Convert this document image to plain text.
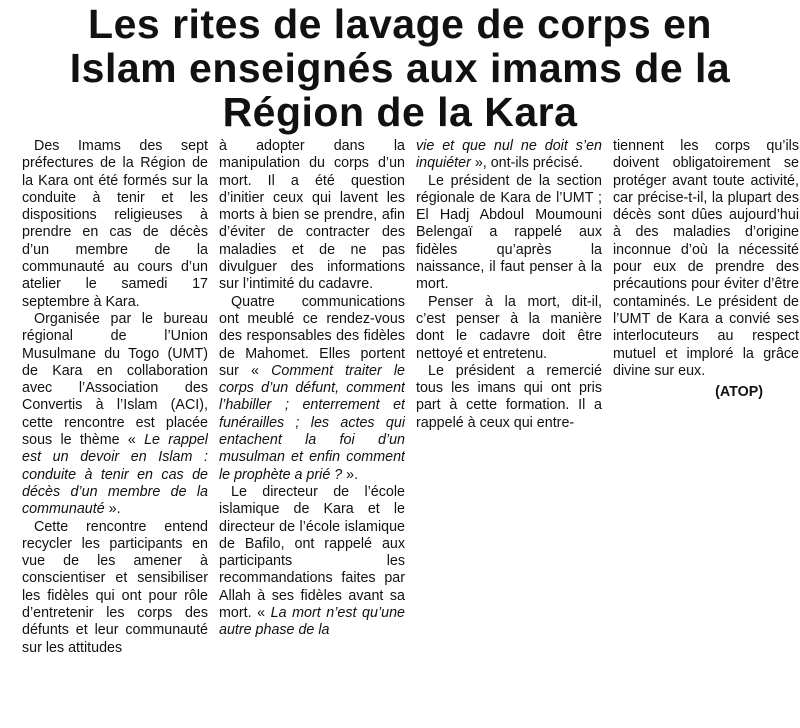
Les rites de lavage de corps en
Islam enseignés aux imams de la
Région de la Kara

Des Imams des sept préfectures de la Région de la Kara ont été formés sur la conduite à tenir et les dispositions religieuses à prendre en cas de décès d’un membre de la communauté au cours d’un atelier le samedi 17 septembre à Kara.

Organisée par le bureau régional de l’Union Musulmane du Togo (UMT) de Kara en collaboration avec l’Association des Convertis à l’Islam (ACI), cette rencontre est placée sous le thème « Le rappel est un devoir en Islam : conduite à tenir en cas de décès d’un membre de la communauté ».

Cette rencontre entend recycler les participants en vue de les amener à conscientiser et sensibiliser les fidèles qui ont pour rôle d’entretenir les corps des défunts et leur communauté sur les attitudes

à adopter dans la manipulation du corps d’un mort. Il a été question d’initier ceux qui lavent les morts à bien se prendre, afin d’éviter de contracter des maladies et de ne pas divulguer des informations sur l’intimité du cadavre.

Quatre communications ont meublé ce rendez-vous des responsables des fidèles de Mahomet. Elles portent sur « Comment traiter le corps d’un défunt, comment l’habiller ; enterrement et funérailles ; les actes qui entachent la foi d’un musulman et enfin comment le prophète a prié ? ».

Le directeur de l’école islamique de Kara et le directeur de l’école islamique de Bafilo, ont rappelé aux participants les recommandations faites par Allah à ses fidèles avant sa mort. « La mort n’est qu’une autre phase de la

vie et que nul ne doit s’en inquiéter », ont-ils précisé.

Le président de la section régionale de Kara de l’UMT ; El Hadj Abdoul Moumouni Belengaï a rappelé aux fidèles qu’après la naissance, il faut penser à la mort.

Penser à la mort, dit-il, c’est penser à la manière dont le cadavre doit être nettoyé et entretenu.

Le président a remercié tous les imans qui ont pris part à cette formation. Il a rappelé à ceux qui entre-

tiennent les corps qu’ils doivent obligatoirement se protéger avant toute activité, car précise-t-il, la plupart des décès sont dûes aujourd’hui à des maladies d’origine inconnue d’où la nécessité pour eux de prendre des précautions pour éviter d’être contaminés. Le président de l’UMT de Kara a convié ses interlocuteurs au respect mutuel et imploré la grâce divine sur eux.

(ATOP)
